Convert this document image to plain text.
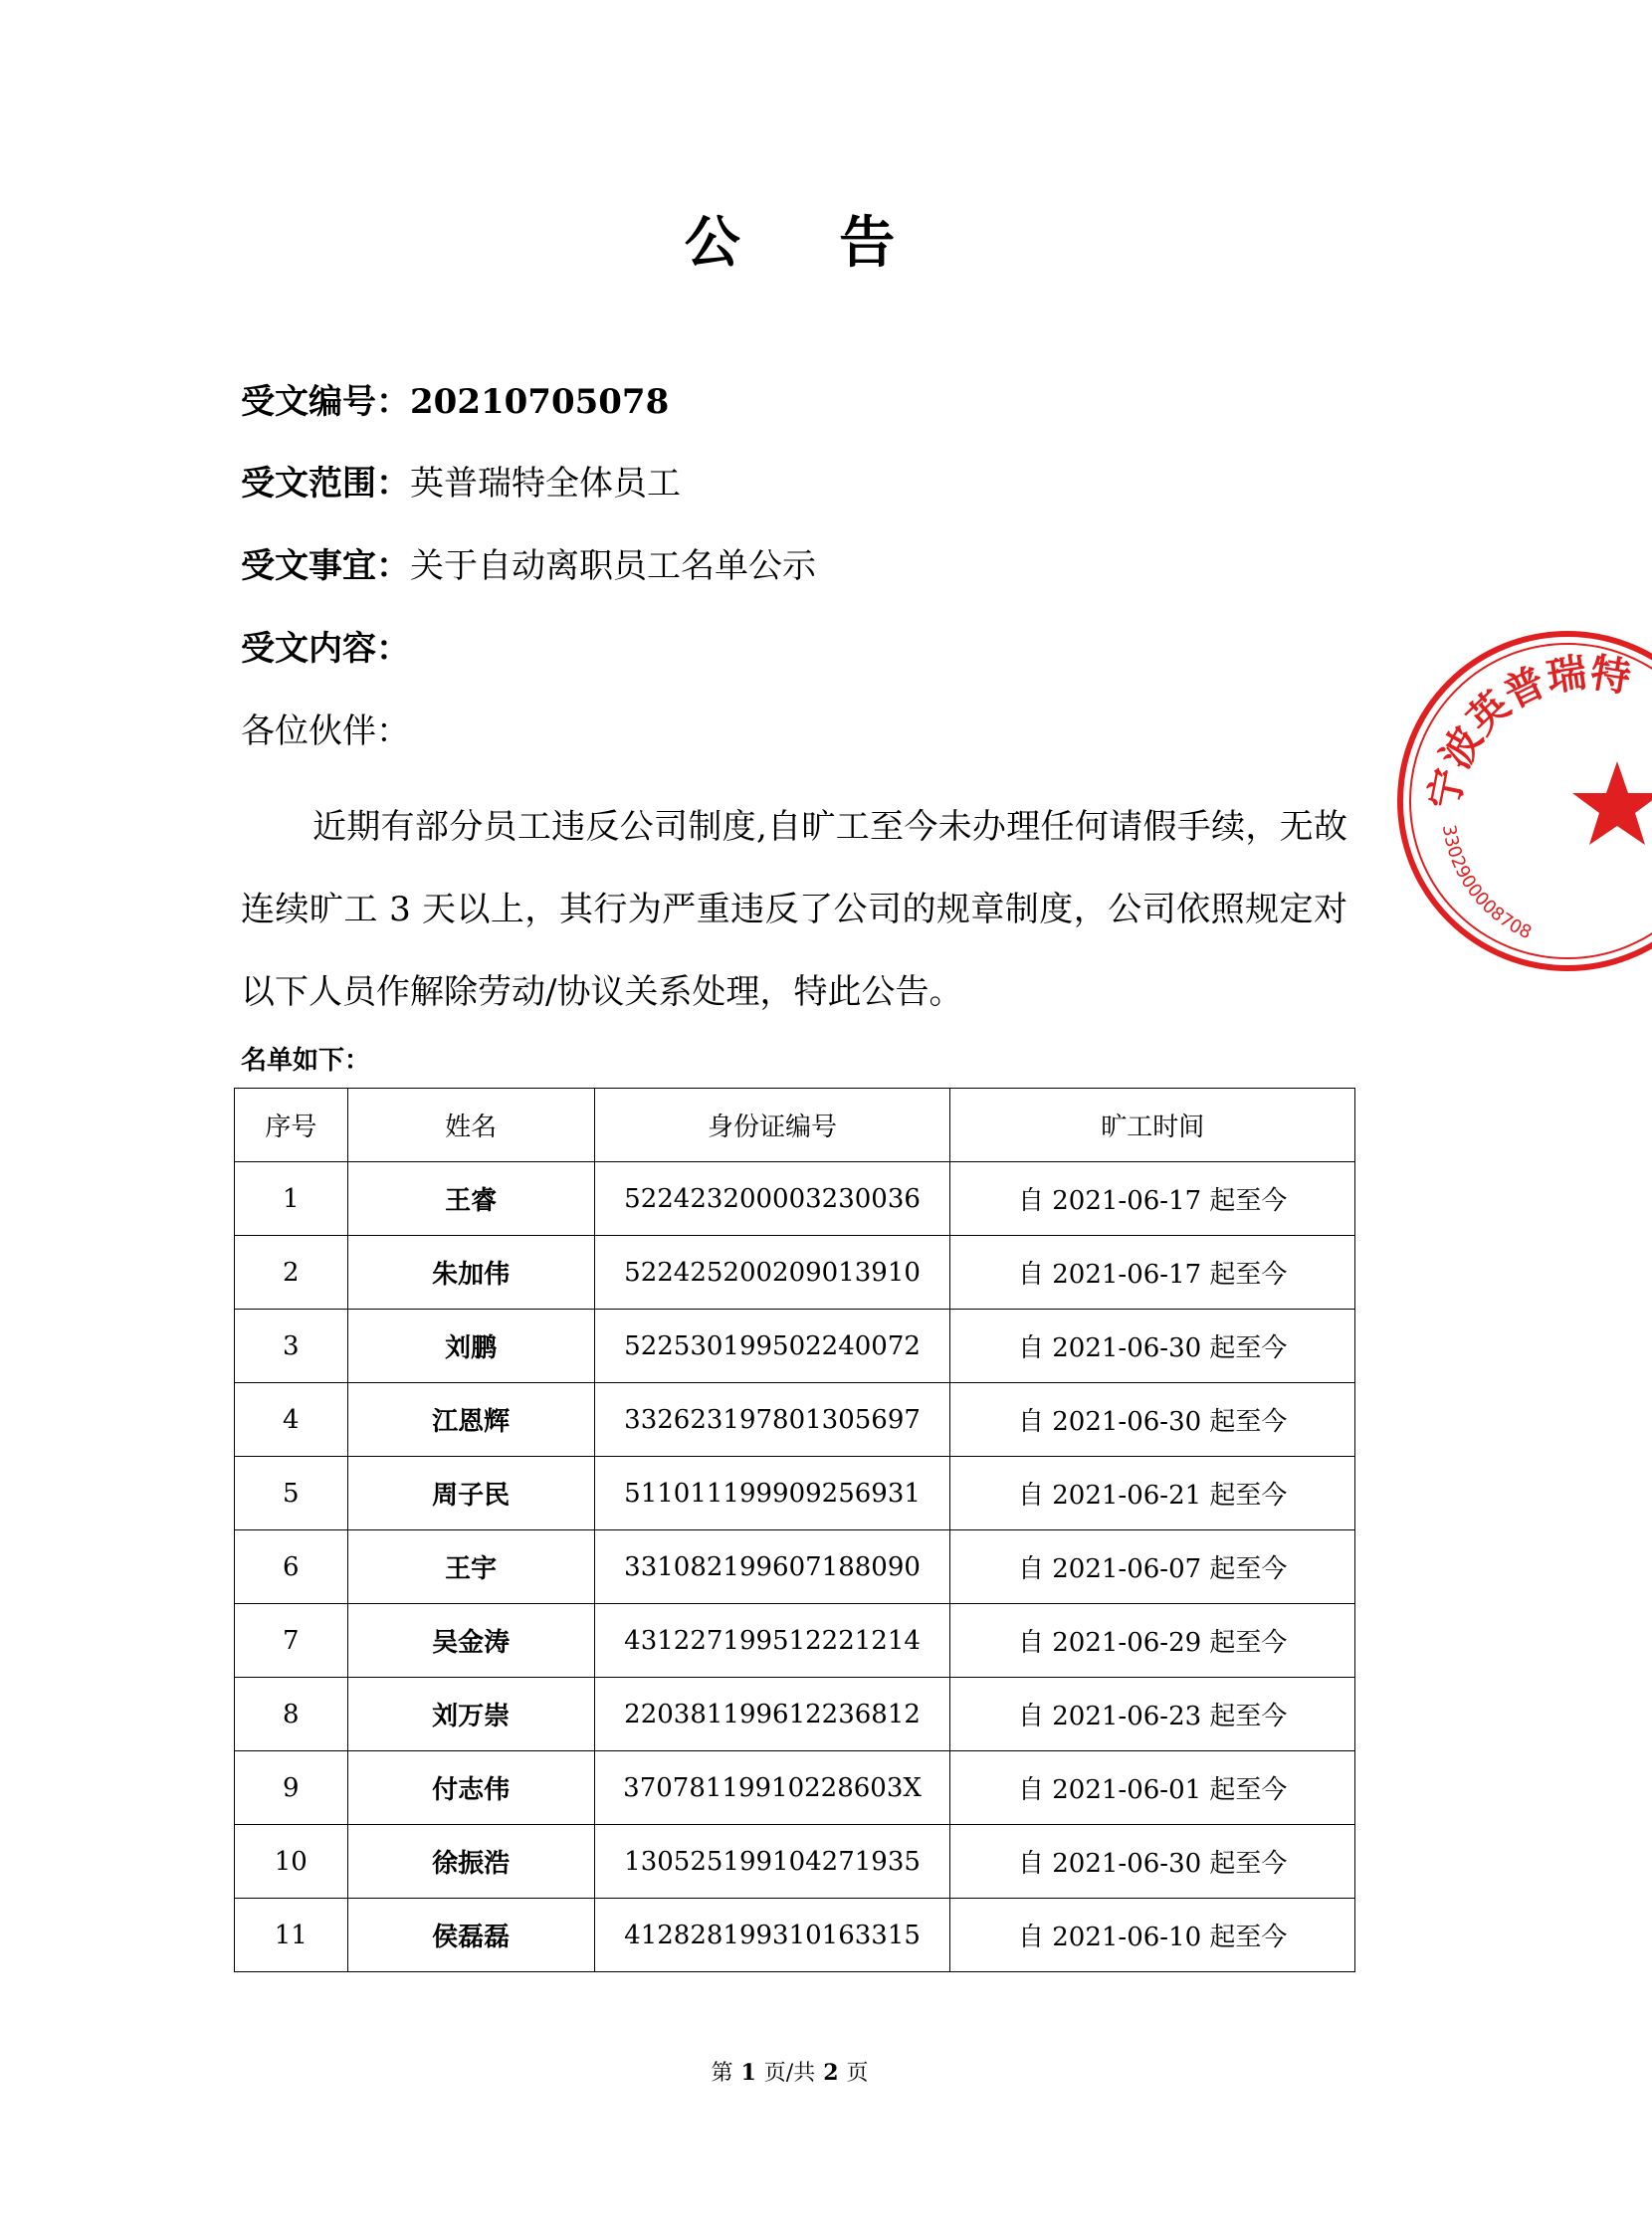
公 告
受文编号：20210705078
受文范围：英普瑞特全体员工
受文事宜：关于自动离职员工名单公示
受文内容：
各位伙伴：
近期有部分员工违反公司制度,自旷工至今未办理任何请假手续，无故连续旷工 3 天以上，其行为严重违反了公司的规章制度，公司依照规定对以下人员作解除劳动/协议关系处理，特此公告。
名单如下：
序号	姓名	身份证编号	旷工时间
1	王睿	522423200003230036	自 2021-06-17 起至今
2	朱加伟	522425200209013910	自 2021-06-17 起至今
3	刘鹏	522530199502240072	自 2021-06-30 起至今
4	江恩辉	332623197801305697	自 2021-06-30 起至今
5	周子民	511011199909256931	自 2021-06-21 起至今
6	王宇	331082199607188090	自 2021-06-07 起至今
7	吴金涛	431227199512221214	自 2021-06-29 起至今
8	刘万崇	220381199612236812	自 2021-06-23 起至今
9	付志伟	37078119910228603X	自 2021-06-01 起至今
10	徐振浩	130525199104271935	自 2021-06-30 起至今
11	侯磊磊	412828199310163315	自 2021-06-10 起至今
第 1 页/共 2 页
宁波英普瑞特
3302900008708
